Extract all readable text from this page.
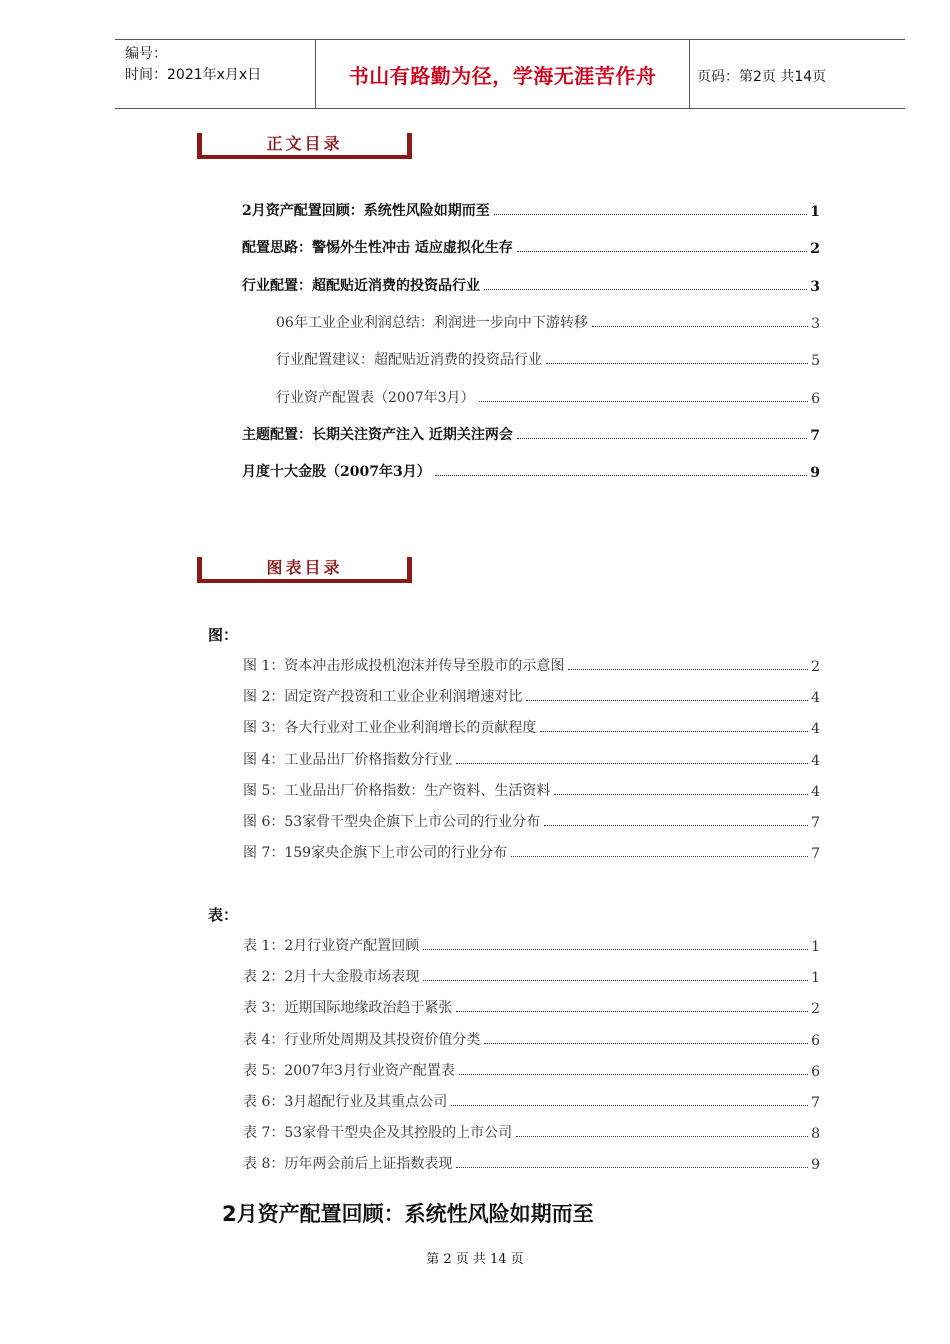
编号：
时间：2021年x月x日	书山有路勤为径，学海无涯苦作舟	页码：第2页 共14页
正文目录
2月资产配置回顾：系统性风险如期而至	1
配置思路：警惕外生性冲击 适应虚拟化生存	2
行业配置：超配贴近消费的投资品行业	3
06年工业企业利润总结：利润进一步向中下游转移	3
行业配置建议：超配贴近消费的投资品行业	5
行业资产配置表（2007年3月）	6
主题配置：长期关注资产注入 近期关注两会	7
月度十大金股（2007年3月）	9
图表目录
图：
图 1：资本冲击形成投机泡沫并传导至股市的示意图	2
图 2：固定资产投资和工业企业利润增速对比	4
图 3：各大行业对工业企业利润增长的贡献程度	4
图 4：工业品出厂价格指数分行业	4
图 5：工业品出厂价格指数：生产资料、生活资料	4
图 6：53家骨干型央企旗下上市公司的行业分布	7
图 7：159家央企旗下上市公司的行业分布	7
表：
表 1：2月行业资产配置回顾	1
表 2：2月十大金股市场表现	1
表 3：近期国际地缘政治趋于紧张	2
表 4：行业所处周期及其投资价值分类	6
表 5：2007年3月行业资产配置表	6
表 6：3月超配行业及其重点公司	7
表 7：53家骨干型央企及其控股的上市公司	8
表 8：历年两会前后上证指数表现	9
2月资产配置回顾：系统性风险如期而至
第 2 页 共 14 页
